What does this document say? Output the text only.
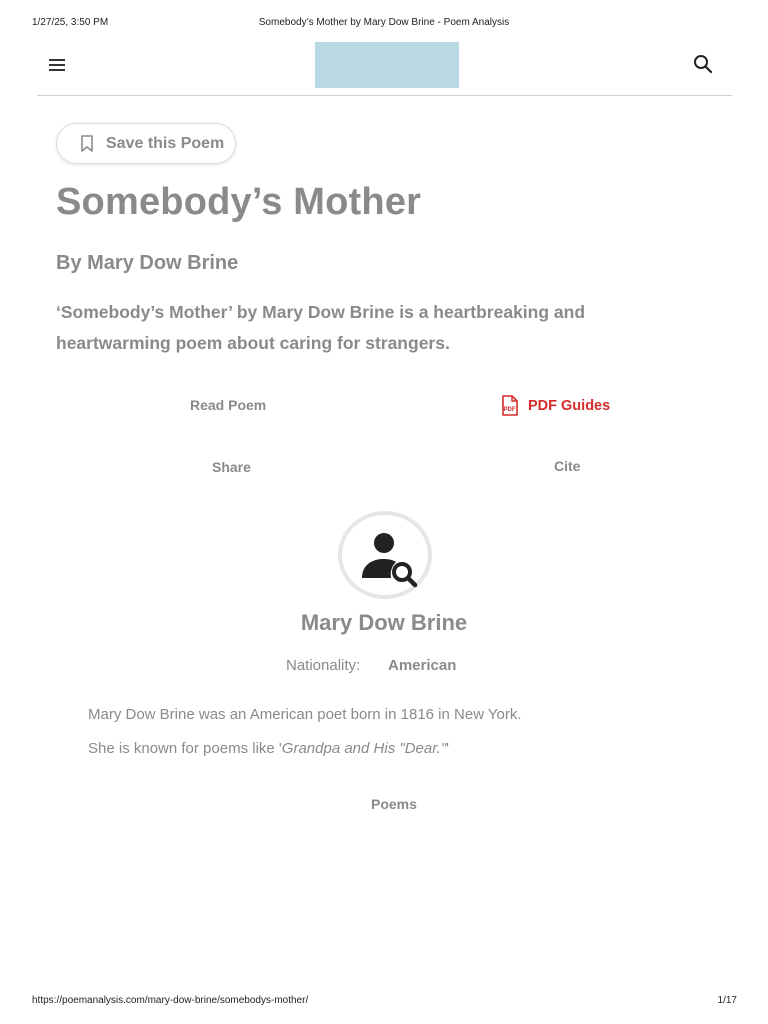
1/27/25, 3:50 PM	Somebody’s Mother by Mary Dow Brine - Poem Analysis
Save this Poem
Somebody’s Mother
By Mary Dow Brine
‘Somebody’s Mother’ by Mary Dow Brine is a heartbreaking and heartwarming poem about caring for strangers.
Read Poem	PDF PDF Guides
Share	Cite
Mary Dow Brine
Nationality: American
Mary Dow Brine was an American poet born in 1816 in New York.
She is known for poems like 'Grandpa and His "Dear."'
Poems
https://poemanalysis.com/mary-dow-brine/somebodys-mother/	1/17
